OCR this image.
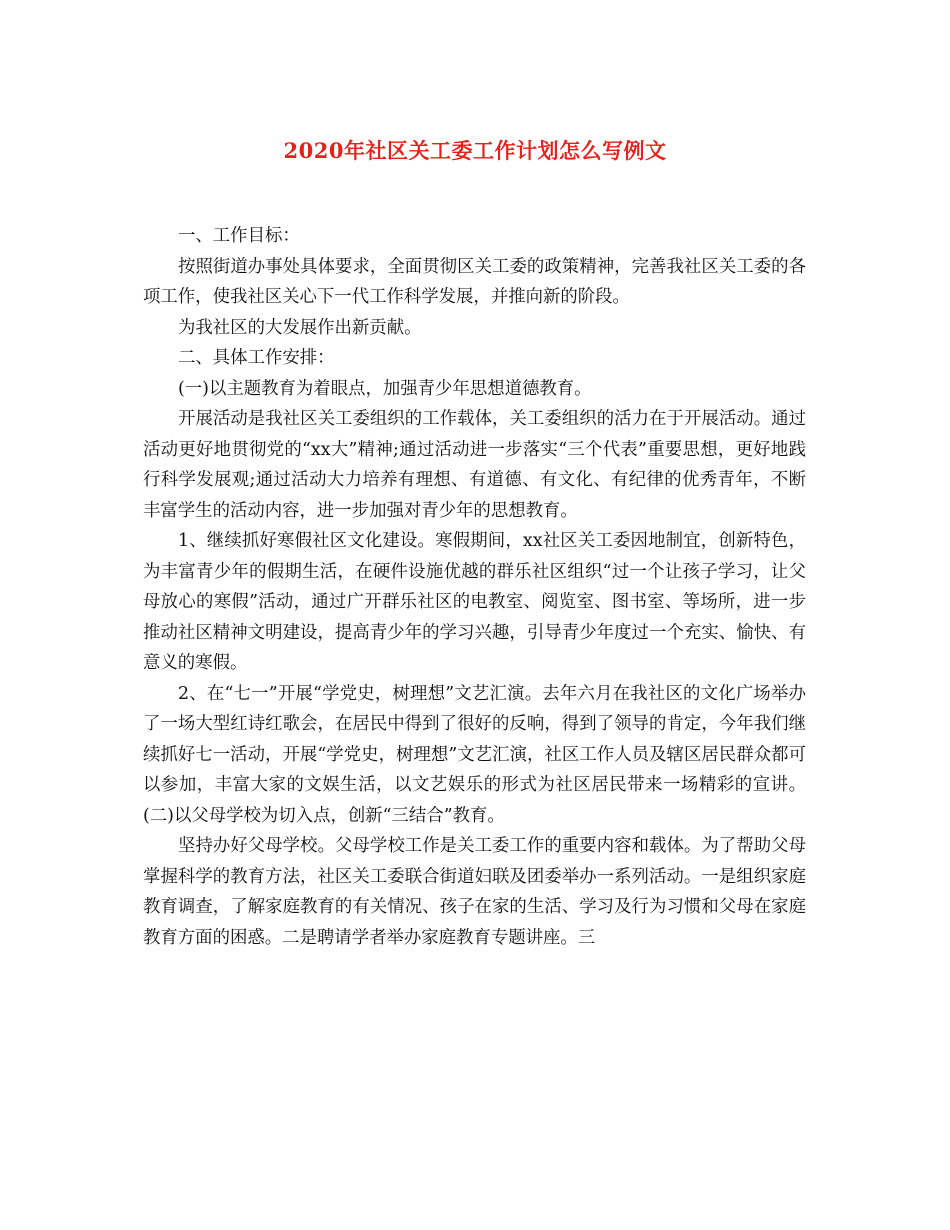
2020年社区关工委工作计划怎么写例文

一、工作目标：

按照街道办事处具体要求，全面贯彻区关工委的政策精神，完善我社区关工委的各项工作，使我社区关心下一代工作科学发展，并推向新的阶段。

为我社区的大发展作出新贡献。

二、具体工作安排：

(一)以主题教育为着眼点，加强青少年思想道德教育。

开展活动是我社区关工委组织的工作载体，关工委组织的活力在于开展活动。通过活动更好地贯彻党的“xx大”精神;通过活动进一步落实“三个代表”重要思想，更好地践行科学发展观;通过活动大力培养有理想、有道德、有文化、有纪律的优秀青年，不断丰富学生的活动内容，进一步加强对青少年的思想教育。

1、继续抓好寒假社区文化建设。寒假期间，xx社区关工委因地制宜，创新特色，为丰富青少年的假期生活，在硬件设施优越的群乐社区组织“过一个让孩子学习，让父母放心的寒假”活动，通过广开群乐社区的电教室、阅览室、图书室、等场所，进一步推动社区精神文明建设，提高青少年的学习兴趣，引导青少年度过一个充实、愉快、有意义的寒假。

2、在“七一”开展“学党史，树理想”文艺汇演。去年六月在我社区的文化广场举办了一场大型红诗红歌会，在居民中得到了很好的反响，得到了领导的肯定，今年我们继续抓好七一活动，开展“学党史，树理想”文艺汇演，社区工作人员及辖区居民群众都可以参加，丰富大家的文娱生活，以文艺娱乐的形式为社区居民带来一场精彩的宣讲。(二)以父母学校为切入点，创新“三结合”教育。

坚持办好父母学校。父母学校工作是关工委工作的重要内容和载体。为了帮助父母掌握科学的教育方法，社区关工委联合街道妇联及团委举办一系列活动。一是组织家庭教育调查，了解家庭教育的有关情况、孩子在家的生活、学习及行为习惯和父母在家庭教育方面的困惑。二是聘请学者举办家庭教育专题讲座。三
